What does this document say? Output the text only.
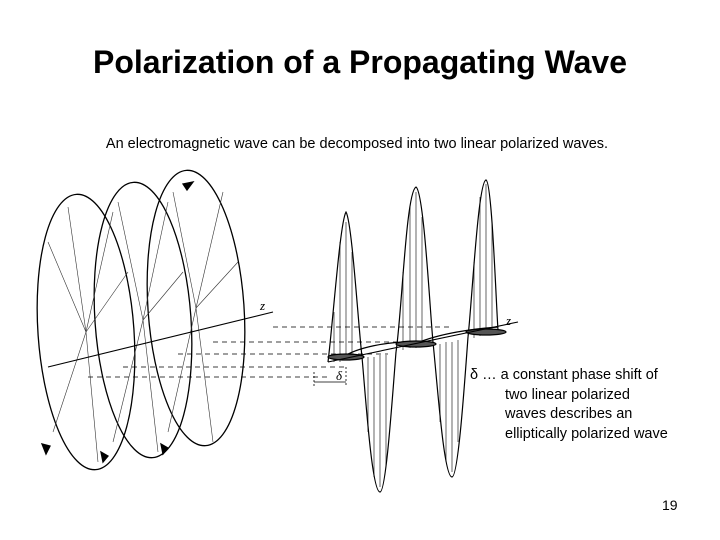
Polarization of a Propagating Wave
An electromagnetic wave can be decomposed into two linear polarized waves.
z
z
δ	δ … a constant phase shift of
two linear polarized
waves describes an
elliptically polarized wave
19
